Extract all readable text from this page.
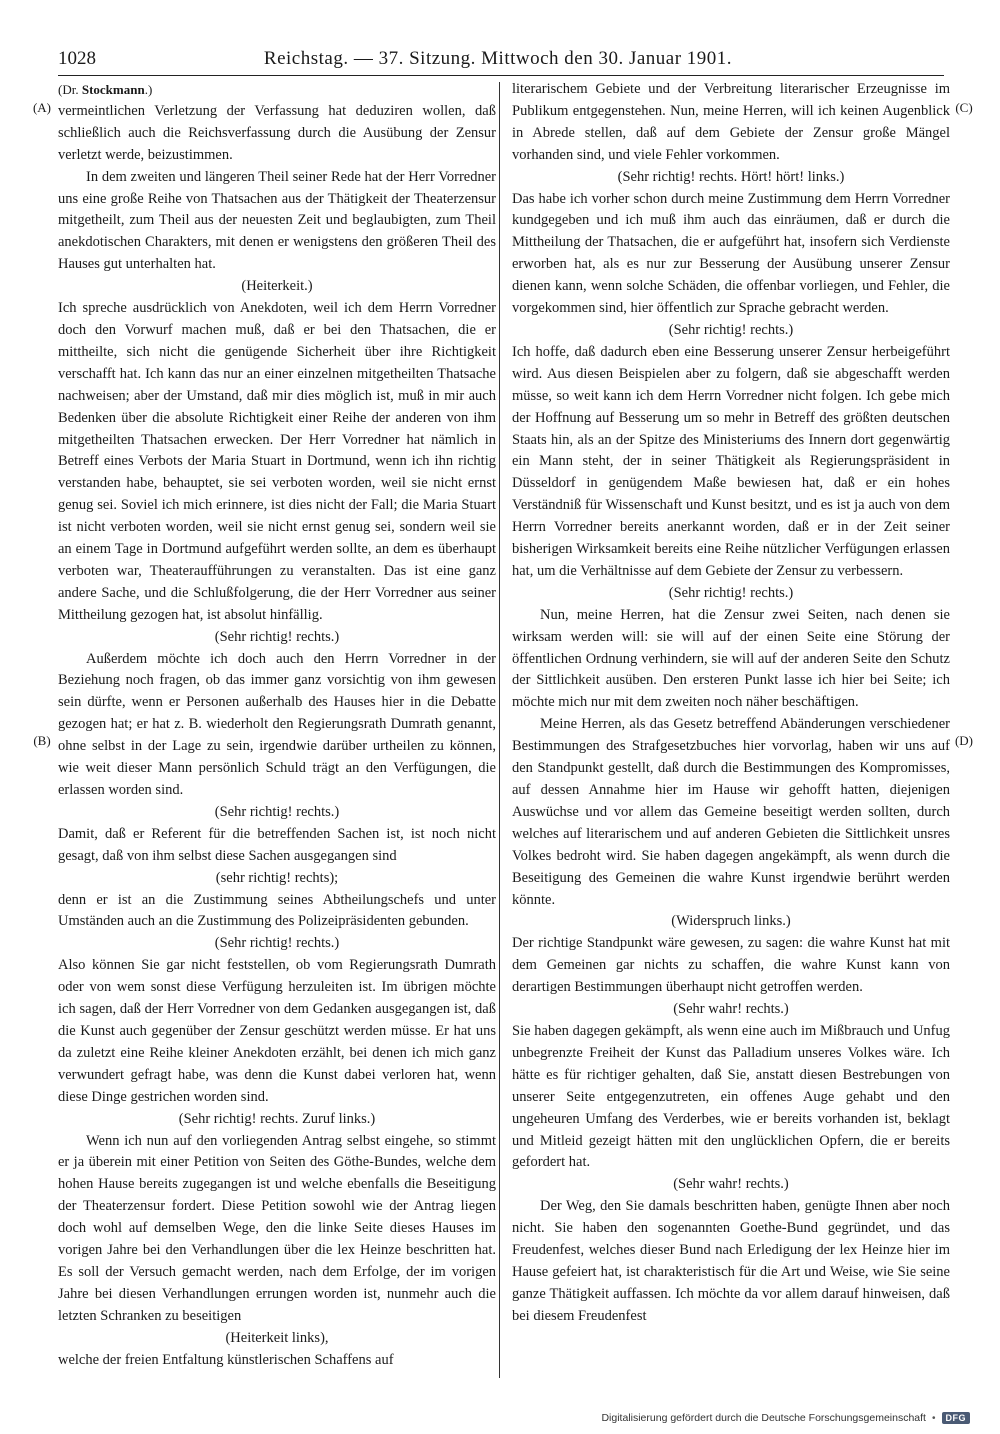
1028	Reichstag. — 37. Sitzung. Mittwoch den 30. Januar 1901.
(A)
(B)
(C)
(D)

(Dr. Stockmann.)

vermeintlichen Verletzung der Verfassung hat deduziren wollen, daß schließlich auch die Reichsverfassung durch die Ausübung der Zensur verletzt werde, beizustimmen.

In dem zweiten und längeren Theil seiner Rede hat der Herr Vorredner uns eine große Reihe von Thatsachen aus der Thätigkeit der Theaterzensur mitgetheilt, zum Theil aus der neuesten Zeit und beglaubigten, zum Theil anekdotischen Charakters, mit denen er wenigstens den größeren Theil des Hauses gut unterhalten hat.

(Heiterkeit.)

Ich spreche ausdrücklich von Anekdoten, weil ich dem Herrn Vorredner doch den Vorwurf machen muß, daß er bei den Thatsachen, die er mittheilte, sich nicht die genügende Sicherheit über ihre Richtigkeit verschafft hat. Ich kann das nur an einer einzelnen mitgetheilten Thatsache nachweisen; aber der Umstand, daß mir dies möglich ist, muß in mir auch Bedenken über die absolute Richtigkeit einer Reihe der anderen von ihm mitgetheilten Thatsachen erwecken. Der Herr Vorredner hat nämlich in Betreff eines Verbots der Maria Stuart in Dortmund, wenn ich ihn richtig verstanden habe, behauptet, sie sei verboten worden, weil sie nicht ernst genug sei. Soviel ich mich erinnere, ist dies nicht der Fall; die Maria Stuart ist nicht verboten worden, weil sie nicht ernst genug sei, sondern weil sie an einem Tage in Dortmund aufgeführt werden sollte, an dem es überhaupt verboten war, Theateraufführungen zu veranstalten. Das ist eine ganz andere Sache, und die Schlußfolgerung, die der Herr Vorredner aus seiner Mittheilung gezogen hat, ist absolut hinfällig.

(Sehr richtig! rechts.)

Außerdem möchte ich doch auch den Herrn Vorredner in der Beziehung noch fragen, ob das immer ganz vorsichtig von ihm gewesen sein dürfte, wenn er Personen außerhalb des Hauses hier in die Debatte gezogen hat; er hat z. B. wiederholt den Regierungsrath Dumrath genannt, ohne selbst in der Lage zu sein, irgendwie darüber urtheilen zu können, wie weit dieser Mann persönlich Schuld trägt an den Verfügungen, die erlassen worden sind.

(Sehr richtig! rechts.)

Damit, daß er Referent für die betreffenden Sachen ist, ist noch nicht gesagt, daß von ihm selbst diese Sachen ausgegangen sind

(sehr richtig! rechts);

denn er ist an die Zustimmung seines Abtheilungschefs und unter Umständen auch an die Zustimmung des Polizeipräsidenten gebunden.

(Sehr richtig! rechts.)

Also können Sie gar nicht feststellen, ob vom Regierungsrath Dumrath oder von wem sonst diese Verfügung herzuleiten ist. Im übrigen möchte ich sagen, daß der Herr Vorredner von dem Gedanken ausgegangen ist, daß die Kunst auch gegenüber der Zensur geschützt werden müsse. Er hat uns da zuletzt eine Reihe kleiner Anekdoten erzählt, bei denen ich mich ganz verwundert gefragt habe, was denn die Kunst dabei verloren hat, wenn diese Dinge gestrichen worden sind.

(Sehr richtig! rechts. Zuruf links.)

Wenn ich nun auf den vorliegenden Antrag selbst eingehe, so stimmt er ja überein mit einer Petition von Seiten des Göthe-Bundes, welche dem hohen Hause bereits zugegangen ist und welche ebenfalls die Beseitigung der Theaterzensur fordert. Diese Petition sowohl wie der Antrag liegen doch wohl auf demselben Wege, den die linke Seite dieses Hauses im vorigen Jahre bei den Verhandlungen über die lex Heinze beschritten hat. Es soll der Versuch gemacht werden, nach dem Erfolge, der im vorigen Jahre bei diesen Verhandlungen errungen worden ist, nunmehr auch die letzten Schranken zu beseitigen

(Heiterkeit links),

welche der freien Entfaltung künstlerischen Schaffens auf

literarischem Gebiete und der Verbreitung literarischer Erzeugnisse im Publikum entgegenstehen. Nun, meine Herren, will ich keinen Augenblick in Abrede stellen, daß auf dem Gebiete der Zensur große Mängel vorhanden sind, und viele Fehler vorkommen.

(Sehr richtig! rechts. Hört! hört! links.)

Das habe ich vorher schon durch meine Zustimmung dem Herrn Vorredner kundgegeben und ich muß ihm auch das einräumen, daß er durch die Mittheilung der Thatsachen, die er aufgeführt hat, insofern sich Verdienste erworben hat, als es nur zur Besserung der Ausübung unserer Zensur dienen kann, wenn solche Schäden, die offenbar vorliegen, und Fehler, die vorgekommen sind, hier öffentlich zur Sprache gebracht werden.

(Sehr richtig! rechts.)

Ich hoffe, daß dadurch eben eine Besserung unserer Zensur herbeigeführt wird. Aus diesen Beispielen aber zu folgern, daß sie abgeschafft werden müsse, so weit kann ich dem Herrn Vorredner nicht folgen. Ich gebe mich der Hoffnung auf Besserung um so mehr in Betreff des größten deutschen Staats hin, als an der Spitze des Ministeriums des Innern dort gegenwärtig ein Mann steht, der in seiner Thätigkeit als Regierungspräsident in Düsseldorf in genügendem Maße bewiesen hat, daß er ein hohes Verständniß für Wissenschaft und Kunst besitzt, und es ist ja auch von dem Herrn Vorredner bereits anerkannt worden, daß er in der Zeit seiner bisherigen Wirksamkeit bereits eine Reihe nützlicher Verfügungen erlassen hat, um die Verhältnisse auf dem Gebiete der Zensur zu verbessern.

(Sehr richtig! rechts.)

Nun, meine Herren, hat die Zensur zwei Seiten, nach denen sie wirksam werden will: sie will auf der einen Seite eine Störung der öffentlichen Ordnung verhindern, sie will auf der anderen Seite den Schutz der Sittlichkeit ausüben. Den ersteren Punkt lasse ich hier bei Seite; ich möchte mich nur mit dem zweiten noch näher beschäftigen.

Meine Herren, als das Gesetz betreffend Abänderungen verschiedener Bestimmungen des Strafgesetzbuches hier vorvorlag, haben wir uns auf den Standpunkt gestellt, daß durch die Bestimmungen des Kompromisses, auf dessen Annahme hier im Hause wir gehofft hatten, diejenigen Auswüchse und vor allem das Gemeine beseitigt werden sollten, durch welches auf literarischem und auf anderen Gebieten die Sittlichkeit unsres Volkes bedroht wird. Sie haben dagegen angekämpft, als wenn durch die Beseitigung des Gemeinen die wahre Kunst irgendwie berührt werden könnte.

(Widerspruch links.)

Der richtige Standpunkt wäre gewesen, zu sagen: die wahre Kunst hat mit dem Gemeinen gar nichts zu schaffen, die wahre Kunst kann von derartigen Bestimmungen überhaupt nicht getroffen werden.

(Sehr wahr! rechts.)

Sie haben dagegen gekämpft, als wenn eine auch im Mißbrauch und Unfug unbegrenzte Freiheit der Kunst das Palladium unseres Volkes wäre. Ich hätte es für richtiger gehalten, daß Sie, anstatt diesen Bestrebungen von unserer Seite entgegenzutreten, ein offenes Auge gehabt und den ungeheuren Umfang des Verderbes, wie er bereits vorhanden ist, beklagt und Mitleid gezeigt hätten mit den unglücklichen Opfern, die er bereits gefordert hat.

(Sehr wahr! rechts.)

Der Weg, den Sie damals beschritten haben, genügte Ihnen aber noch nicht. Sie haben den sogenannten Goethe-Bund gegründet, und das Freudenfest, welches dieser Bund nach Erledigung der lex Heinze hier im Hause gefeiert hat, ist charakteristisch für die Art und Weise, wie Sie seine ganze Thätigkeit auffassen. Ich möchte da vor allem darauf hinweisen, daß bei diesem Freudenfest

Digitalisierung gefördert durch die Deutsche Forschungsgemeinschaft •	DFG
